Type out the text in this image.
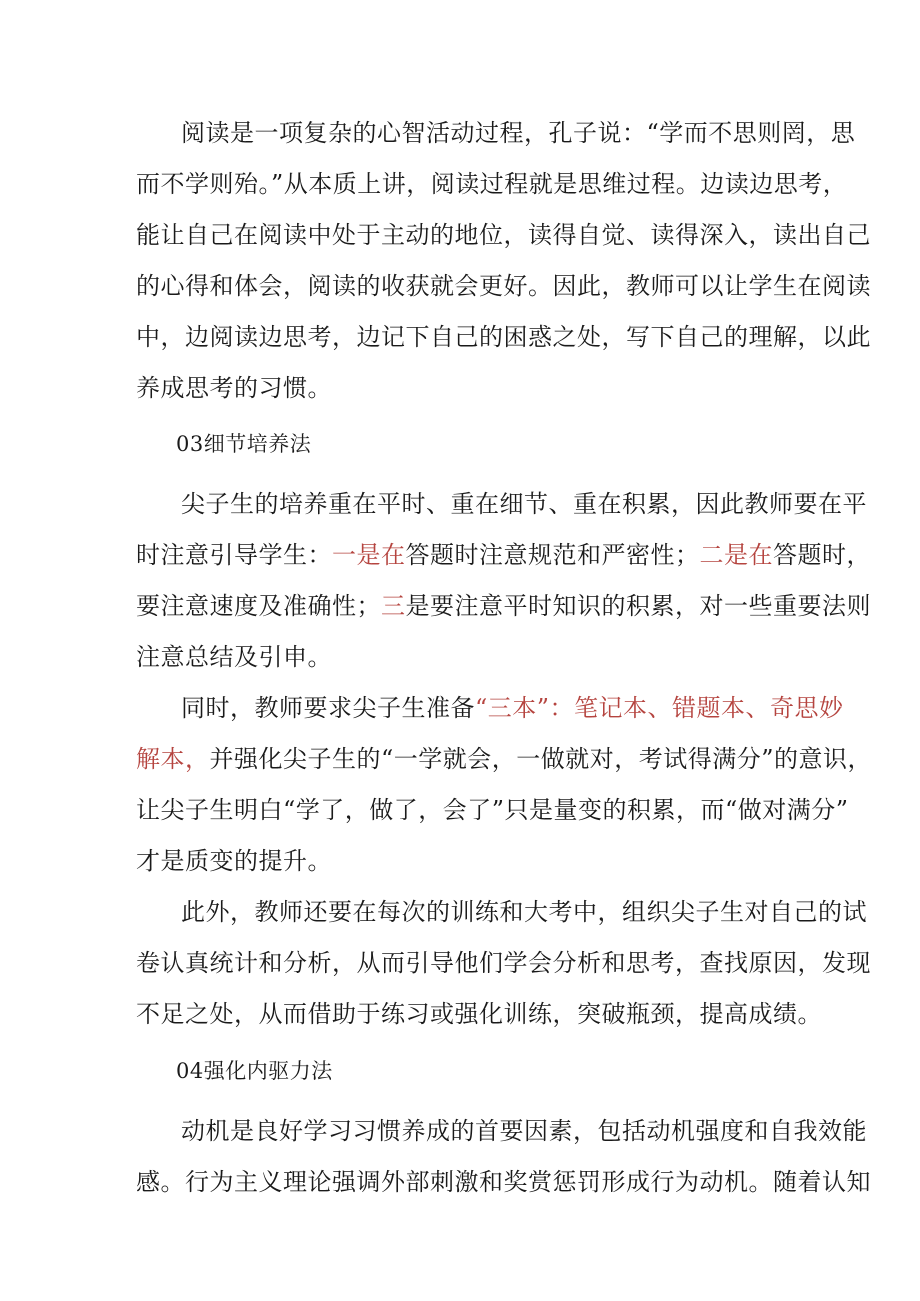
阅读是一项复杂的心智活动过程，孔子说：“学而不思则罔，思
而不学则殆。”从本质上讲，阅读过程就是思维过程。边读边思考，
能让自己在阅读中处于主动的地位，读得自觉、读得深入，读出自己
的心得和体会，阅读的收获就会更好。因此，教师可以让学生在阅读
中，边阅读边思考，边记下自己的困惑之处，写下自己的理解，以此
养成思考的习惯。
03细节培养法
尖子生的培养重在平时、重在细节、重在积累，因此教师要在平
时注意引导学生：一是在答题时注意规范和严密性；二是在答题时，
要注意速度及准确性；三是要注意平时知识的积累，对一些重要法则
注意总结及引申。
同时，教师要求尖子生准备“三本”：笔记本、错题本、奇思妙
解本，并强化尖子生的“一学就会，一做就对，考试得满分”的意识，
让尖子生明白“学了，做了，会了”只是量变的积累，而“做对满分”
才是质变的提升。
此外，教师还要在每次的训练和大考中，组织尖子生对自己的试
卷认真统计和分析，从而引导他们学会分析和思考，查找原因，发现
不足之处，从而借助于练习或强化训练，突破瓶颈，提高成绩。
04强化内驱力法
动机是良好学习习惯养成的首要因素，包括动机强度和自我效能
感。行为主义理论强调外部刺激和奖赏惩罚形成行为动机。随着认知
